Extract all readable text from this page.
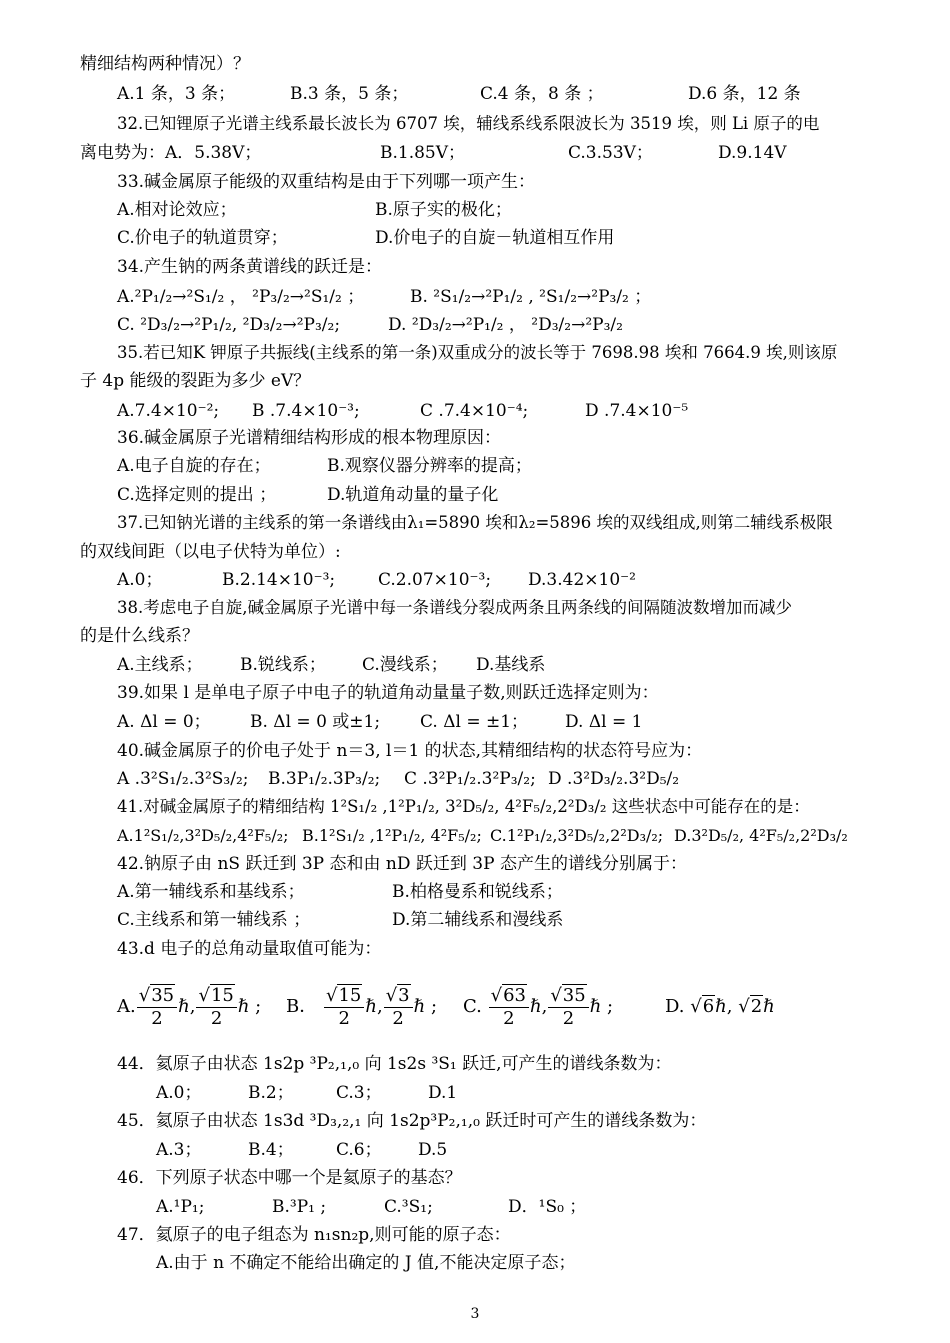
精细结构两种情况）？
A.1 条，3 条；	B.3 条，5 条；	C.4 条，8 条 ；	D.6 条，12 条
32.已知锂原子光谱主线系最长波长为 6707 埃，辅线系线系限波长为 3519 埃，则 Li 原子的电
离电势为：A．5.38V；	B.1.85V；	C.3.53V；	D.9.14V
33.碱金属原子能级的双重结构是由于下列哪一项产生：
A.相对论效应；	B.原子实的极化；
C.价电子的轨道贯穿；	D.价电子的自旋－轨道相互作用
34.产生钠的两条黄谱线的跃迁是：
A.²P₁/₂→²S₁/₂ ， ²P₃/₂→²S₁/₂ ；	B. ²S₁/₂→²P₁/₂ , ²S₁/₂→²P₃/₂ ；
C. ²D₃/₂→²P₁/₂, ²D₃/₂→²P₃/₂;	D. ²D₃/₂→²P₁/₂ ， ²D₃/₂→²P₃/₂
35.若已知K 钾原子共振线(主线系的第一条)双重成分的波长等于 7698.98 埃和 7664.9 埃,则该原
子 4p 能级的裂距为多少 eV？
A.7.4×10⁻²; B .7.4×10⁻³;	C .7.4×10⁻⁴;	D .7.4×10⁻⁵
36.碱金属原子光谱精细结构形成的根本物理原因：
A.电子自旋的存在；	B.观察仪器分辨率的提高；
C.选择定则的提出 ；	D.轨道角动量的量子化
37.已知钠光谱的主线系的第一条谱线由λ₁=5890 埃和λ₂=5896 埃的双线组成,则第二辅线系极限
的双线间距（以电子伏特为单位）:
A.0；	B.2.14×10⁻³;	C.2.07×10⁻³; D.3.42×10⁻²
38.考虑电子自旋,碱金属原子光谱中每一条谱线分裂成两条且两条线的间隔随波数增加而减少
的是什么线系？
A.主线系； B.锐线系； C.漫线系； D.基线系
39.如果 l 是单电子原子中电子的轨道角动量量子数,则跃迁选择定则为：
A. Δl = 0； B. Δl = 0 或±1; C. Δl = ±1； D. Δl = 1
40.碱金属原子的价电子处于 n＝3, l＝1 的状态,其精细结构的状态符号应为：
A .3²S₁/₂.3²S₃/₂; B.3P₁/₂.3P₃/₂; C .3²P₁/₂.3²P₃/₂; D .3²D₃/₂.3²D₅/₂
41.对碱金属原子的精细结构 1²S₁/₂ ,1²P₁/₂, 3²D₅/₂, 4²F₅/₂,2²D₃/₂ 这些状态中可能存在的是：
A.1²S₁/₂,3²D₅/₂,4²F₅/₂; B.1²S₁/₂ ,1²P₁/₂, 4²F₅/₂; C.1²P₁/₂,3²D₅/₂,2²D₃/₂; D.3²D₅/₂, 4²F₅/₂,2²D₃/₂
42.钠原子由 nS 跃迁到 3P 态和由 nD 跃迁到 3P 态产生的谱线分别属于：
A.第一辅线系和基线系；	B.柏格曼系和锐线系；
C.主线系和第一辅线系 ；	D.第二辅线系和漫线系
43.d 电子的总角动量取值可能为：
A. $\frac{√35}{2}$ ℏ, $\frac{√15}{2}$ ℏ ; B． $\frac{√15}{2}$ ℏ, $\frac{√3}{2}$ ℏ ; C. $\frac{√63}{2}$ ℏ, $\frac{√35}{2}$ ℏ ;	D. √6ℏ, √2ℏ
44．氦原子由状态 1s2p ³P₂,₁,₀ 向 1s2s ³S₁ 跃迁,可产生的谱线条数为：
A.0；	B.2； C.3；	D.1
45．氦原子由状态 1s3d ³D₃,₂,₁ 向 1s2p³P₂,₁,₀ 跃迁时可产生的谱线条数为：
A.3；	B.4； C.6； D.5
46．下列原子状态中哪一个是氦原子的基态？
A.¹P₁;	B.³P₁ ;	C.³S₁;	D．¹S₀ ；
47．氦原子的电子组态为 n₁sn₂p,则可能的原子态：
A.由于 n 不确定不能给出确定的 J 值,不能决定原子态；
3
